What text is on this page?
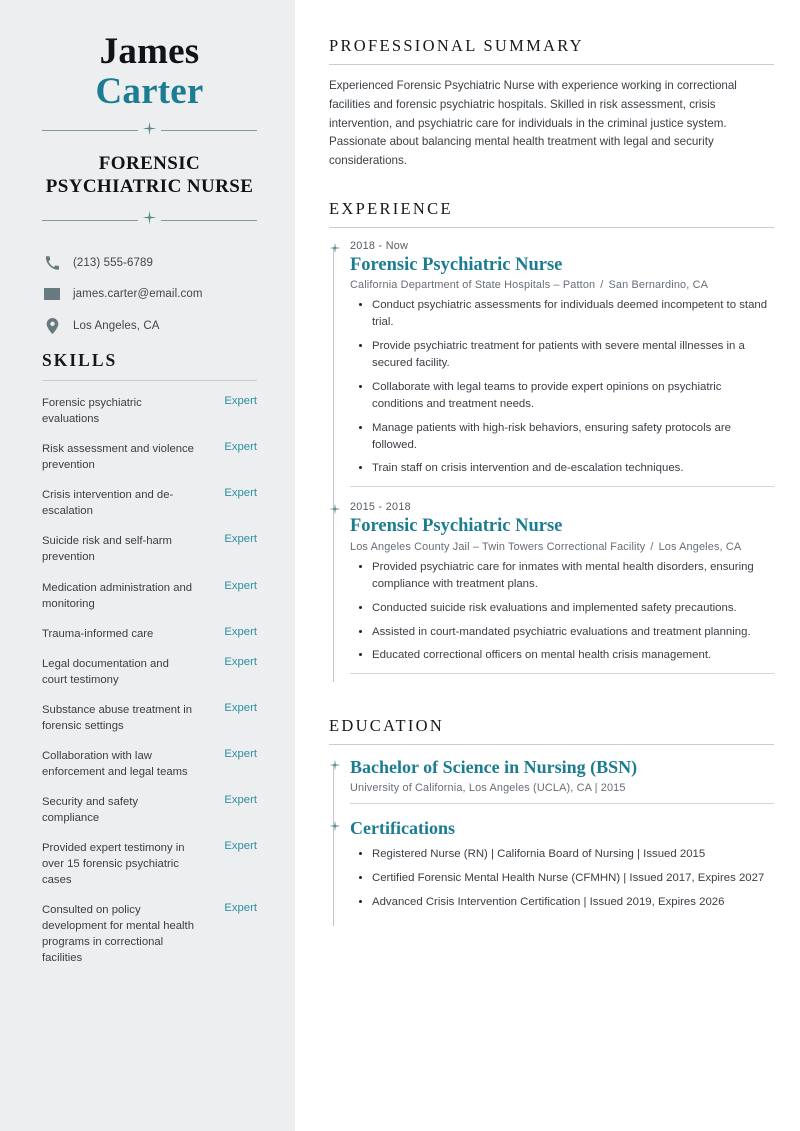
James
Carter
FORENSIC PSYCHIATRIC NURSE
(213) 555-6789
james.carter@email.com
Los Angeles, CA
SKILLS
Forensic psychiatric evaluations
Expert
Risk assessment and violence prevention
Expert
Crisis intervention and de-escalation
Expert
Suicide risk and self-harm prevention
Expert
Medication administration and monitoring
Expert
Trauma-informed care	Expert
Legal documentation and court testimony
Expert
Substance abuse treatment in forensic settings
Expert
Collaboration with law enforcement and legal teams
Expert
Security and safety compliance
Expert
Provided expert testimony in over 15 forensic psychiatric cases
Expert
Consulted on policy development for mental health programs in correctional facilities
Expert
PROFESSIONAL SUMMARY

Experienced Forensic Psychiatric Nurse with experience working in correctional facilities and forensic psychiatric hospitals. Skilled in risk assessment, crisis intervention, and psychiatric care for individuals in the criminal justice system. Passionate about balancing mental health treatment with legal and security considerations.

EXPERIENCE
2018 - Now
Forensic Psychiatric Nurse
California Department of State Hospitals – Patton / San Bernardino, CA
Conduct psychiatric assessments for individuals deemed incompetent to stand trial.
Provide psychiatric treatment for patients with severe mental illnesses in a secured facility.
Collaborate with legal teams to provide expert opinions on psychiatric conditions and treatment needs.
Manage patients with high-risk behaviors, ensuring safety protocols are followed.
Train staff on crisis intervention and de-escalation techniques.
2015 - 2018
Forensic Psychiatric Nurse
Los Angeles County Jail – Twin Towers Correctional Facility / Los Angeles, CA
Provided psychiatric care for inmates with mental health disorders, ensuring compliance with treatment plans.
Conducted suicide risk evaluations and implemented safety precautions.
Assisted in court-mandated psychiatric evaluations and treatment planning.
Educated correctional officers on mental health crisis management.
EDUCATION
Bachelor of Science in Nursing (BSN)
University of California, Los Angeles (UCLA), CA | 2015
Certifications
Registered Nurse (RN) | California Board of Nursing | Issued 2015
Certified Forensic Mental Health Nurse (CFMHN) | Issued 2017, Expires 2027
Advanced Crisis Intervention Certification | Issued 2019, Expires 2026
